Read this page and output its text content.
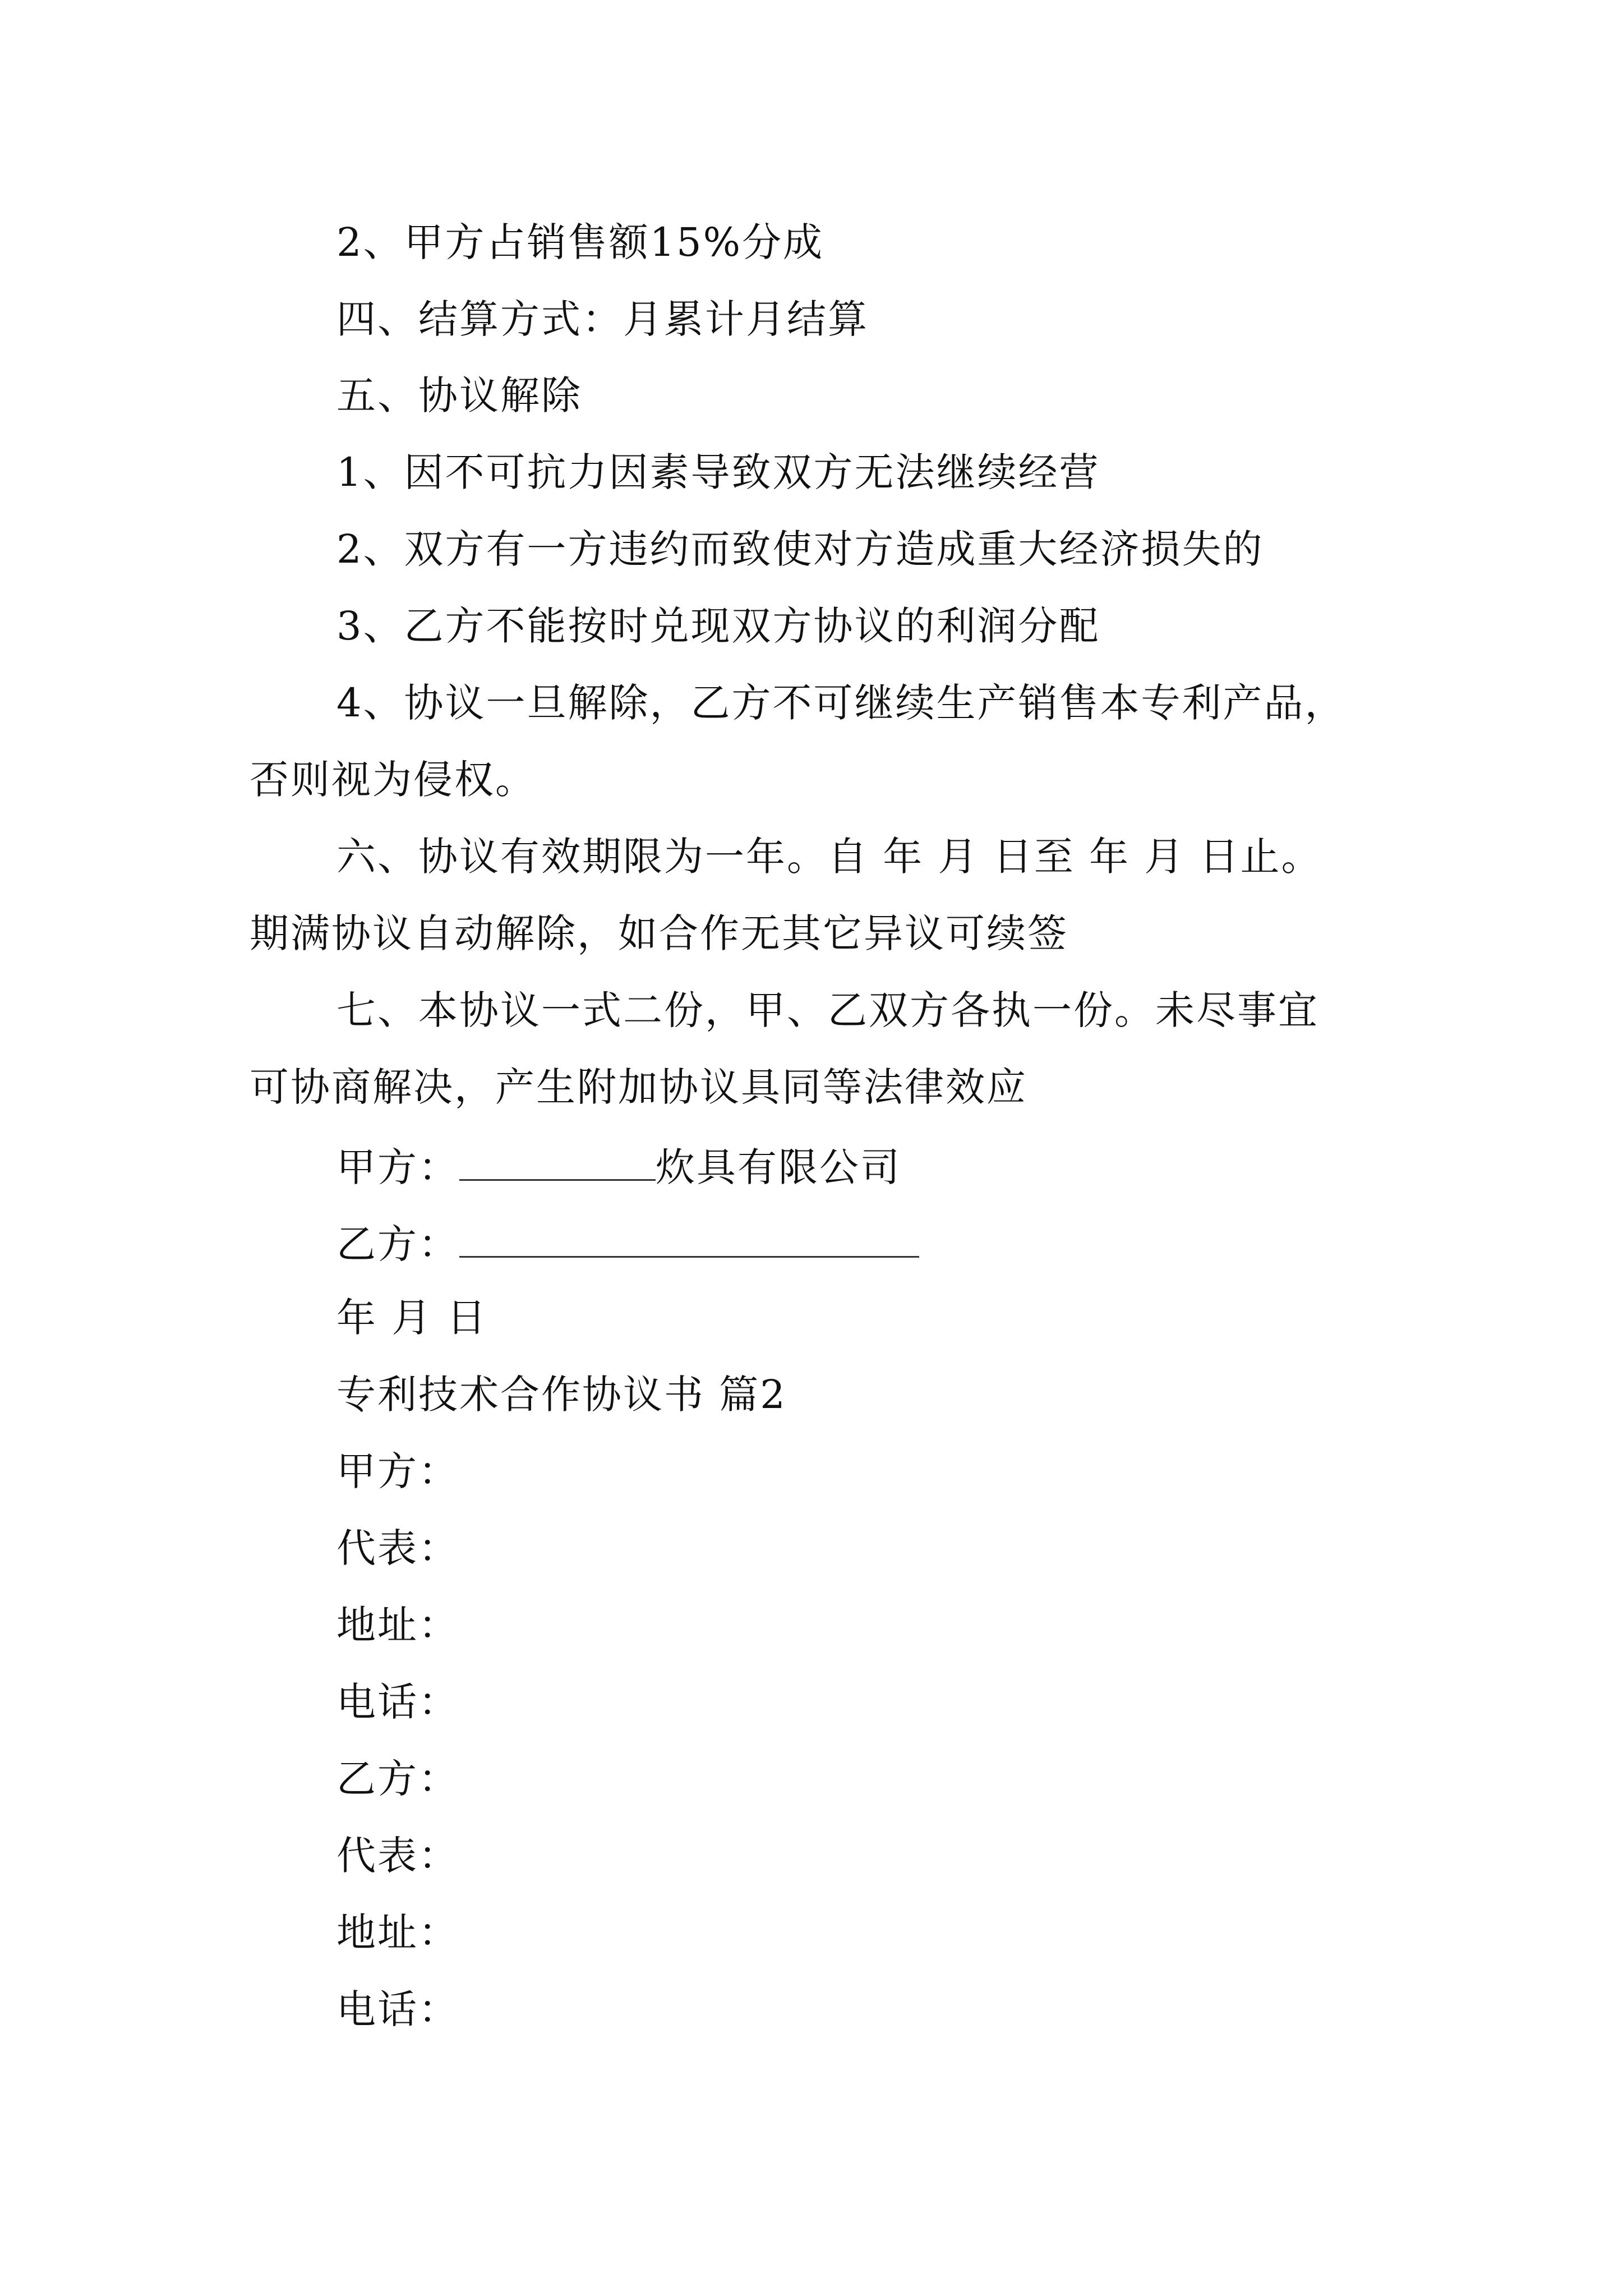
2、甲方占销售额15%分成
四、结算方式：月累计月结算
五、协议解除
1、因不可抗力因素导致双方无法继续经营
2、双方有一方违约而致使对方造成重大经济损失的
3、乙方不能按时兑现双方协议的利润分配
4、协议一旦解除，乙方不可继续生产销售本专利产品，
否则视为侵权。
六、协议有效期限为一年。自 年 月 日至 年 月 日止。
期满协议自动解除，如合作无其它异议可续签
七、本协议一式二份，甲、乙双方各执一份。未尽事宜
可协商解决，产生附加协议具同等法律效应
甲方：	炊具有限公司
乙方：
年 月 日
专利技术合作协议书 篇2
甲方：
代表：
地址：
电话：
乙方：
代表：
地址：
电话：
